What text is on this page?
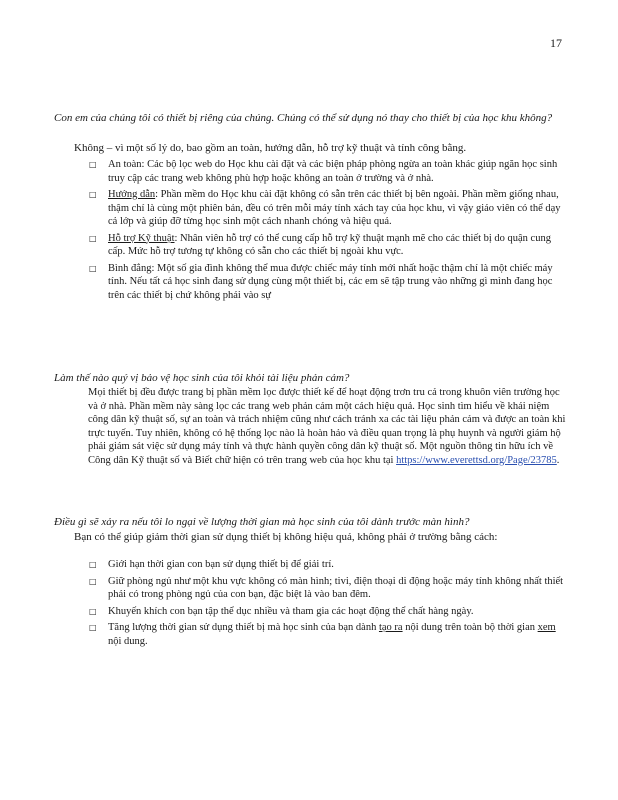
17
Con em của chúng tôi có thiết bị riêng của chúng. Chúng có thể sử dụng nó thay cho thiết bị của học khu không?
Không – vì một số lý do, bao gồm an toàn, hướng dẫn, hỗ trợ kỹ thuật và tính công bằng.
□ An toàn: Các bộ lọc web do Học khu cài đặt và các biện pháp phòng ngừa an toàn khác giúp ngăn học sinh truy cập các trang web không phù hợp hoặc không an toàn ở trường và ở nhà.
□ Hướng dẫn: Phần mềm do Học khu cài đặt không có sẵn trên các thiết bị bên ngoài. Phần mềm giống nhau, thậm chí là cùng một phiên bản, đều có trên mỗi máy tính xách tay của học khu, vì vậy giáo viên có thể dạy cả lớp và giúp đỡ từng học sinh một cách nhanh chóng và hiệu quả.
□ Hỗ trợ Kỹ thuật: Nhân viên hỗ trợ có thể cung cấp hỗ trợ kỹ thuật mạnh mẽ cho các thiết bị do quận cung cấp. Mức hỗ trợ tương tự không có sẵn cho các thiết bị ngoài khu vực.
□ Bình đẳng: Một số gia đình không thể mua được chiếc máy tính mới nhất hoặc thậm chí là một chiếc máy tính. Nếu tất cả học sinh đang sử dụng cùng một thiết bị, các em sẽ tập trung vào những gì mình đang học trên các thiết bị chứ không phải vào sự
Làm thế nào quý vị bảo vệ học sinh của tôi khỏi tài liệu phản cảm?
Mọi thiết bị đều được trang bị phần mềm lọc được thiết kế để hoạt động trơn tru cả trong khuôn viên trường học và ở nhà. Phần mềm này sàng lọc các trang web phản cảm một cách hiệu quả. Học sinh tìm hiểu về khái niệm công dân kỹ thuật số, sự an toàn và trách nhiệm cũng như cách tránh xa các tài liệu phản cảm và được an toàn khi trực tuyến. Tuy nhiên, không có hệ thống lọc nào là hoàn hảo và điều quan trọng là phụ huynh và người giám hộ phải giám sát việc sử dụng máy tính và thực hành quyền công dân kỹ thuật số. Một nguồn thông tin hữu ích về Công dân Kỹ thuật số và Biết chữ hiện có trên trang web của học khu tại https://www.everettsd.org/Page/23785.
Điều gì sẽ xảy ra nếu tôi lo ngại về lượng thời gian mà học sinh của tôi dành trước màn hình?
Bạn có thể giúp giảm thời gian sử dụng thiết bị không hiệu quả, không phải ở trường bằng cách:
□ Giới hạn thời gian con bạn sử dụng thiết bị để giải trí.
□ Giữ phòng ngủ như một khu vực không có màn hình; tivi, điện thoại di động hoặc máy tính không nhất thiết phải có trong phòng ngủ của con bạn, đặc biệt là vào ban đêm.
□ Khuyến khích con bạn tập thể dục nhiều và tham gia các hoạt động thể chất hàng ngày.
□ Tăng lượng thời gian sử dụng thiết bị mà học sinh của bạn dành tạo ra nội dung trên toàn bộ thời gian xem nội dung.
